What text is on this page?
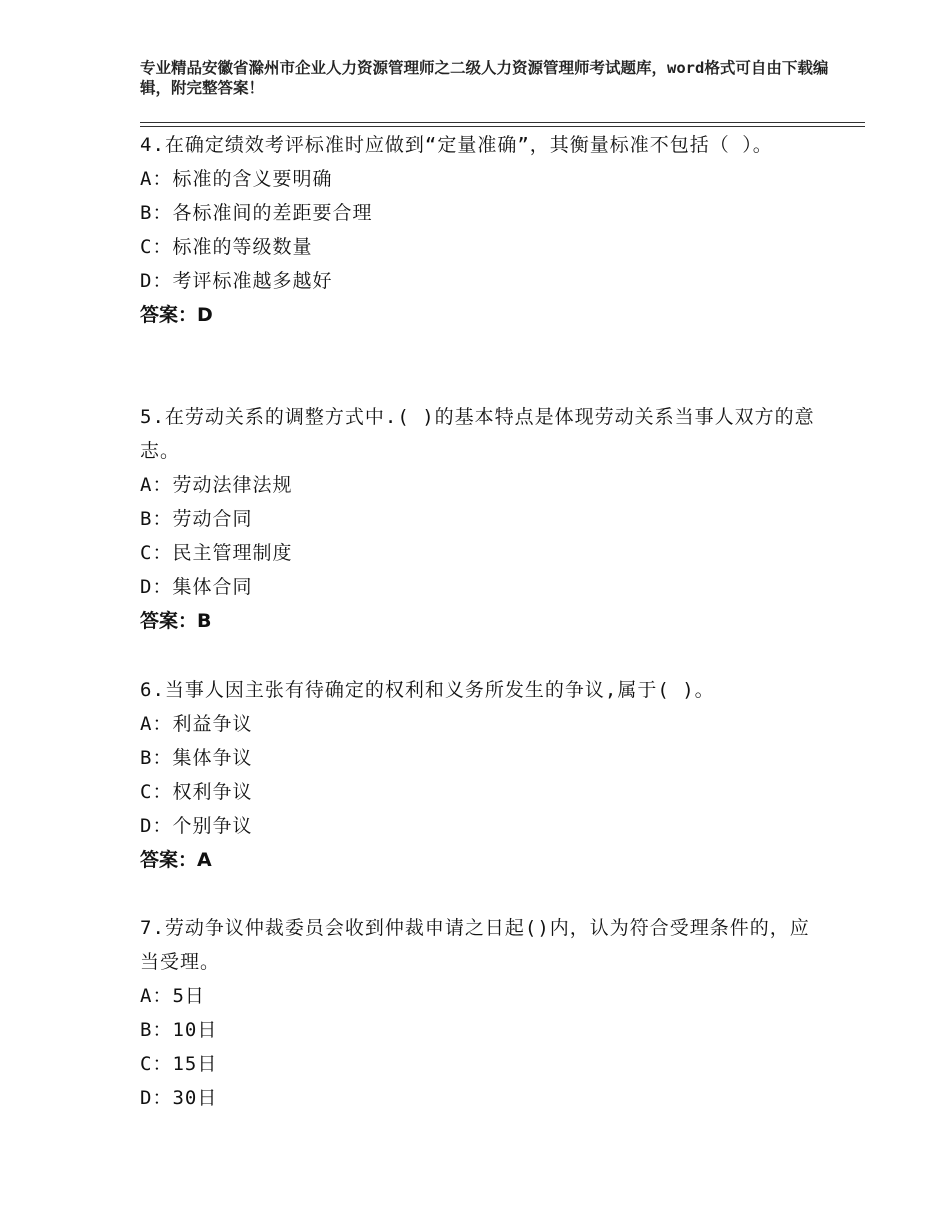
专业精品安徽省滁州市企业人力资源管理师之二级人力资源管理师考试题库，word格式可自由下载编辑，附完整答案！
4.在确定绩效考评标准时应做到“定量准确”，其衡量标准不包括（ ）。
A：标准的含义要明确
B：各标准间的差距要合理
C：标准的等级数量
D：考评标准越多越好
答案：D
5.在劳动关系的调整方式中.( )的基本特点是体现劳动关系当事人双方的意志。
A：劳动法律法规
B：劳动合同
C：民主管理制度
D：集体合同
答案：B
6.当事人因主张有待确定的权利和义务所发生的争议,属于( )。
A：利益争议
B：集体争议
C：权利争议
D：个别争议
答案：A
7.劳动争议仲裁委员会收到仲裁申请之日起()内，认为符合受理条件的，应当受理。
A：5日
B：10日
C：15日
D：30日
